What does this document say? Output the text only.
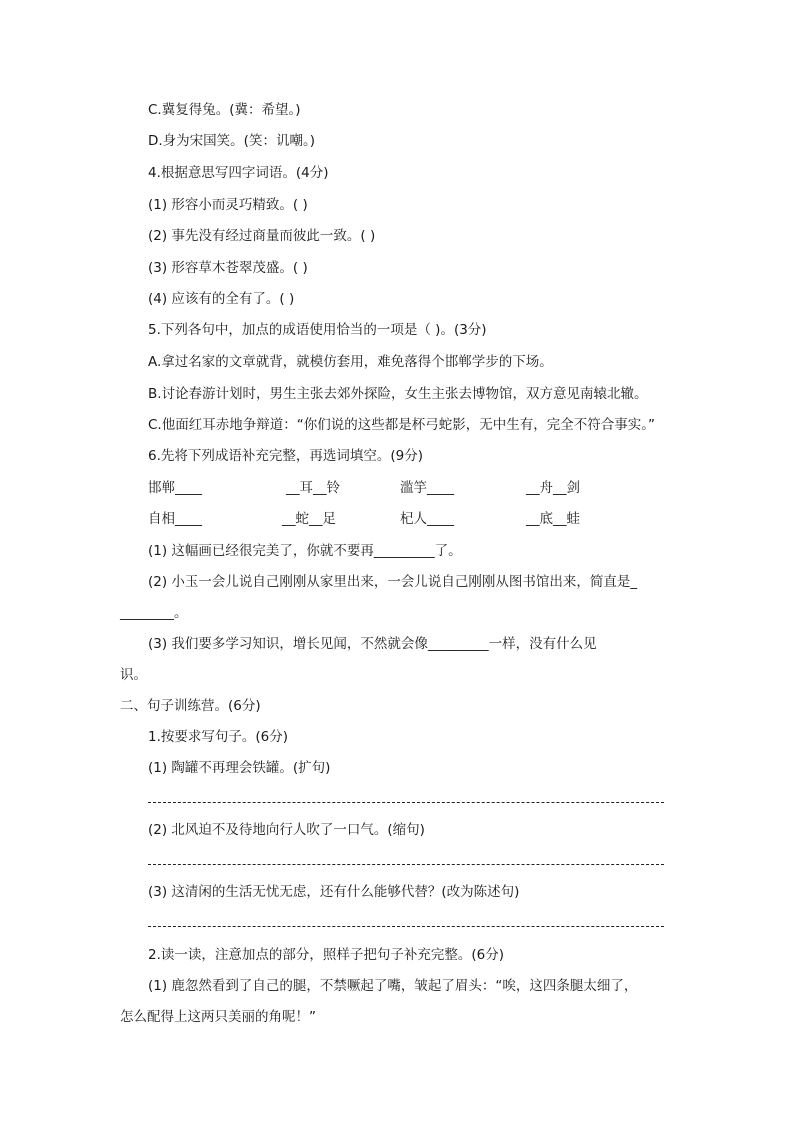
C.冀复得兔。(冀：希望。)
D.身为宋国笑。(笑：讥嘲。)
4.根据意思写四字词语。(4分)
(1) 形容小而灵巧精致。( )
(2) 事先没有经过商量而彼此一致。( )
(3) 形容草木苍翠茂盛。( )
(4) 应该有的全有了。( )
5.下列各句中，加点的成语使用恰当的一项是（ )。(3分)
A.拿过名家的文章就背，就模仿套用，难免落得个邯郸学步的下场。
B.讨论春游计划时，男生主张去郊外探险，女生主张去博物馆，双方意见南辕北辙。
C.他面红耳赤地争辩道：“你们说的这些都是杯弓蛇影，无中生有，完全不符合事实。”
6.先将下列成语补充完整，再选词填空。(9分)
邯郸____	__耳__铃	滥竽____	__舟__剑
自相____	__蛇__足	杞人____	__底__蛙
(1) 这幅画已经很完美了，你就不要再_________了。
(2) 小玉一会儿说自己刚刚从家里出来，一会儿说自己刚刚从图书馆出来，简直是_
________。
(3) 我们要多学习知识，增长见闻，不然就会像_________一样，没有什么见
识。
二、句子训练营。(6分)
1.按要求写句子。(6分)
(1) 陶罐不再理会铁罐。(扩句)
(2) 北风迫不及待地向行人吹了一口气。(缩句)
(3) 这清闲的生活无忧无虑，还有什么能够代替？(改为陈述句)
2.读一读，注意加点的部分，照样子把句子补充完整。(6分)
(1) 鹿忽然看到了自己的腿，不禁噘起了嘴，皱起了眉头：“唉，这四条腿太细了，
怎么配得上这两只美丽的角呢！”
